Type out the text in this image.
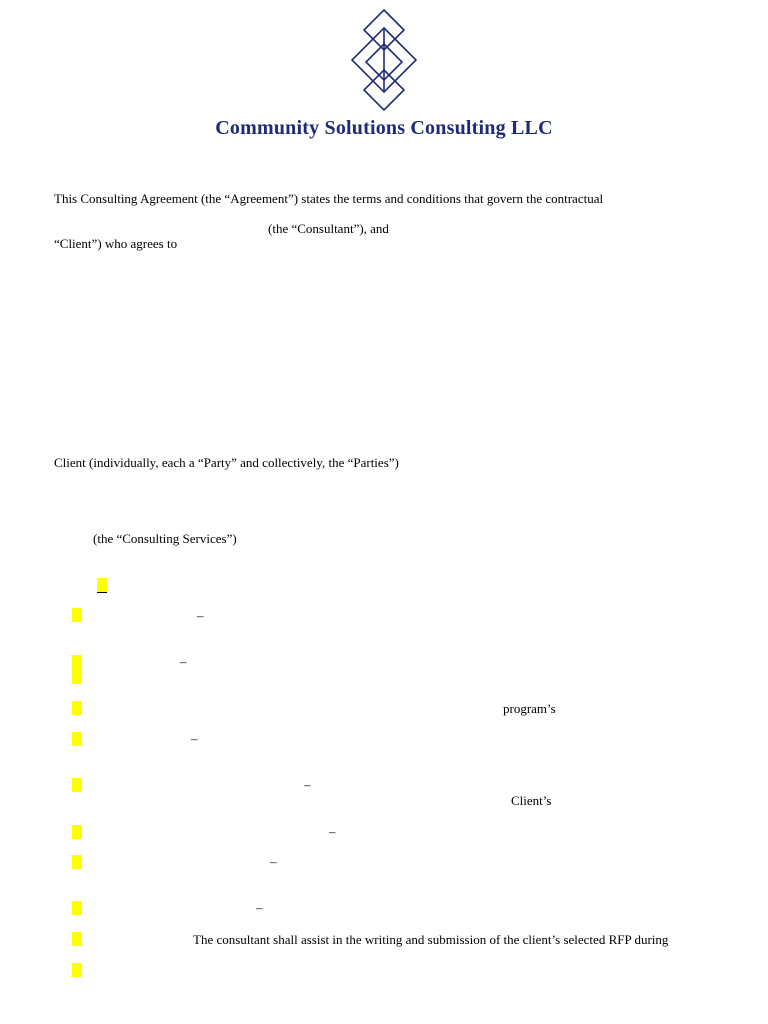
Community Solutions Consulting LLC
This Consulting Agreement (the “Agreement”) states the terms and conditions that govern the contractual
(the “Consultant”), and
“Client”) who agrees to
Client (individually, each a “Party” and collectively, the “Parties”)
(the “Consulting Services”)
–
–
program’s
–
–
Client’s
–
–
–
The consultant shall assist in the writing and submission of the client’s selected RFP during
